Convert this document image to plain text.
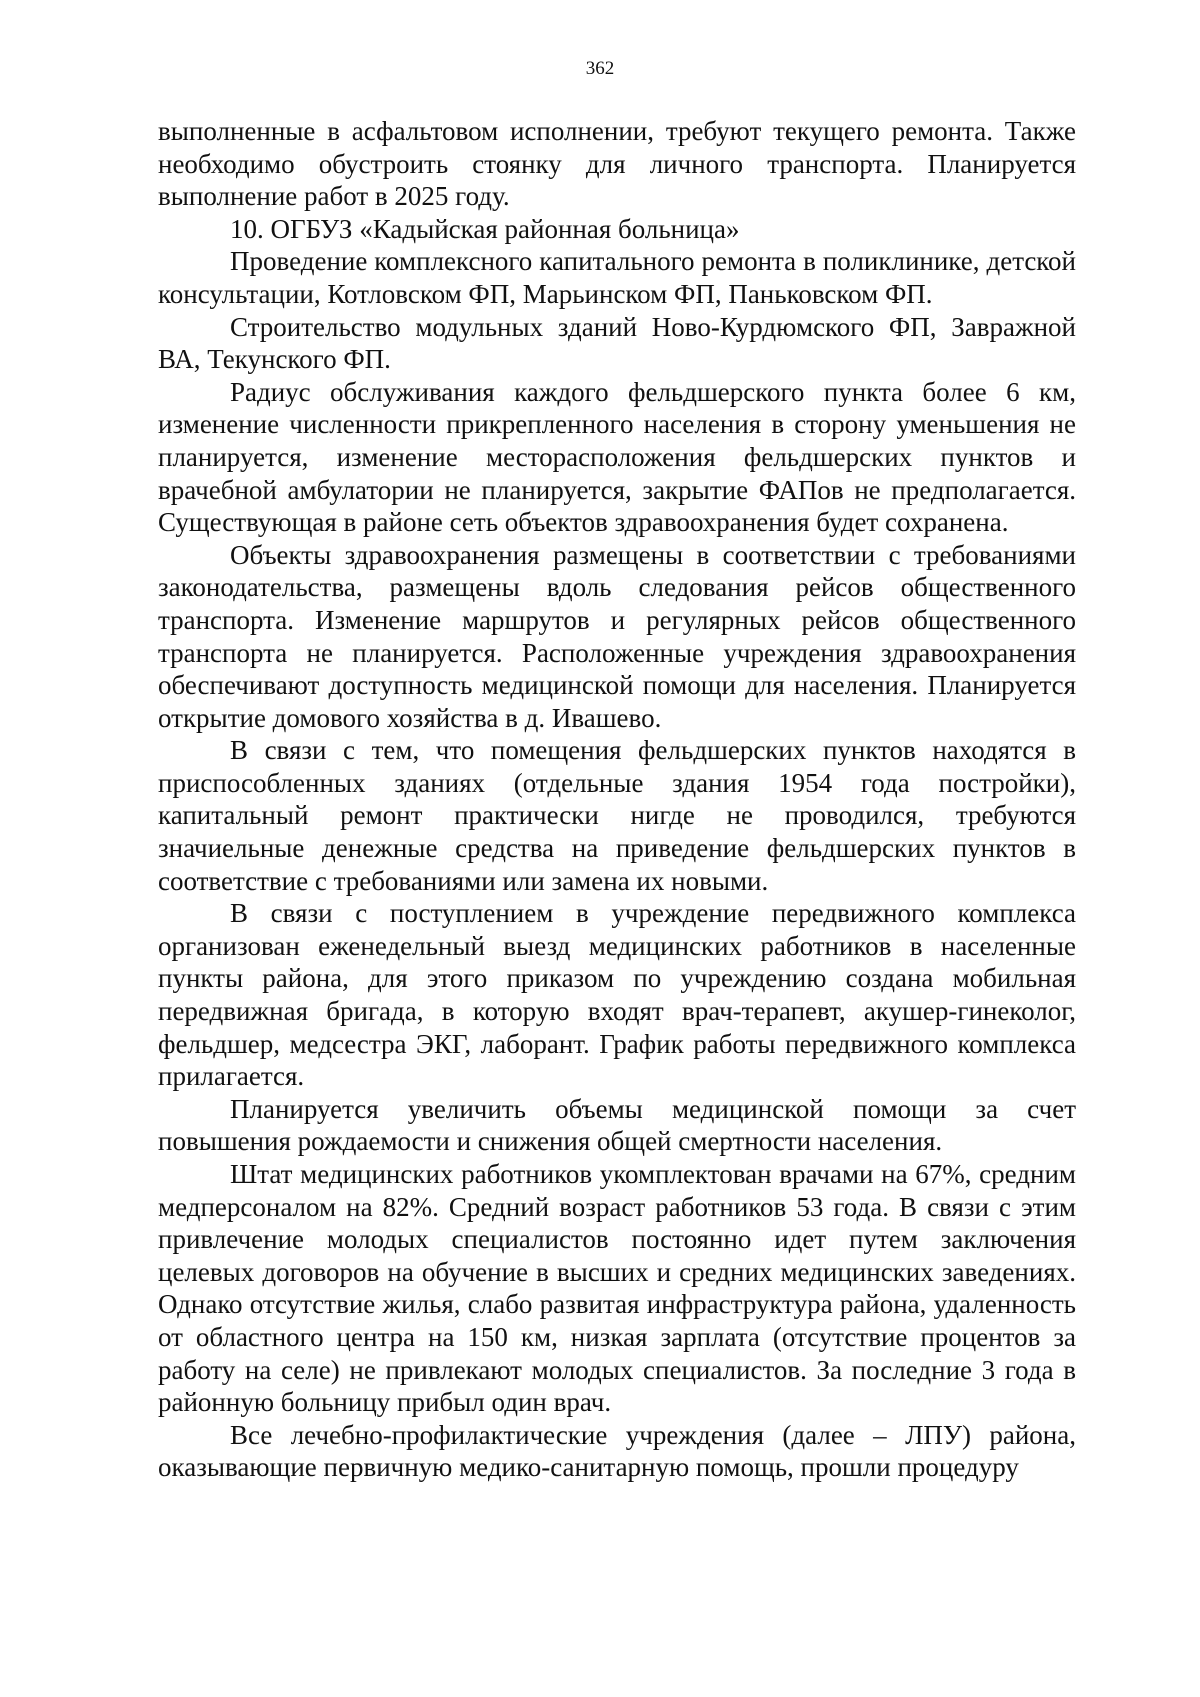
362

выполненные в асфальтовом исполнении, требуют текущего ремонта. Также необходимо обустроить стоянку для личного транспорта. Планируется выполнение работ в 2025 году.

10. ОГБУЗ «Кадыйская районная больница»

Проведение комплексного капитального ремонта в поликлинике, детской консультации, Котловском ФП, Марьинском ФП, Паньковском ФП.

Строительство модульных зданий Ново-Курдюмского ФП, Завражной ВА, Текунского ФП.

Радиус обслуживания каждого фельдшерского пункта более 6 км, изменение численности прикрепленного населения в сторону уменьшения не планируется, изменение месторасположения фельдшерских пунктов и врачебной амбулатории не планируется, закрытие ФАПов не предполагается. Существующая в районе сеть объектов здравоохранения будет сохранена.

Объекты здравоохранения размещены в соответствии с требованиями законодательства, размещены вдоль следования рейсов общественного транспорта. Изменение маршрутов и регулярных рейсов общественного транспорта не планируется. Расположенные учреждения здравоохранения обеспечивают доступность медицинской помощи для населения. Планируется открытие домового хозяйства в д. Ивашево.

В связи с тем, что помещения фельдшерских пунктов находятся в приспособленных зданиях (отдельные здания 1954 года постройки), капитальный ремонт практически нигде не проводился, требуются значиельные денежные средства на приведение фельдшерских пунктов в соответствие с требованиями или замена их новыми.

В связи с поступлением в учреждение передвижного комплекса организован еженедельный выезд медицинских работников в населенные пункты района, для этого приказом по учреждению создана мобильная передвижная бригада, в которую входят врач-терапевт, акушер-гинеколог, фельдшер, медсестра ЭКГ, лаборант. График работы передвижного комплекса прилагается.

Планируется увеличить объемы медицинской помощи за счет повышения рождаемости и снижения общей смертности населения.

Штат медицинских работников укомплектован врачами на 67%, средним медперсоналом на 82%. Средний возраст работников 53 года. В связи с этим привлечение молодых специалистов постоянно идет путем заключения целевых договоров на обучение в высших и средних медицинских заведениях. Однако отсутствие жилья, слабо развитая инфраструктура района, удаленность от областного центра на 150 км, низкая зарплата (отсутствие процентов за работу на селе) не привлекают молодых специалистов. За последние 3 года в районную больницу прибыл один врач.

Все лечебно-профилактические учреждения (далее – ЛПУ) района, оказывающие первичную медико-санитарную помощь, прошли процедуру
